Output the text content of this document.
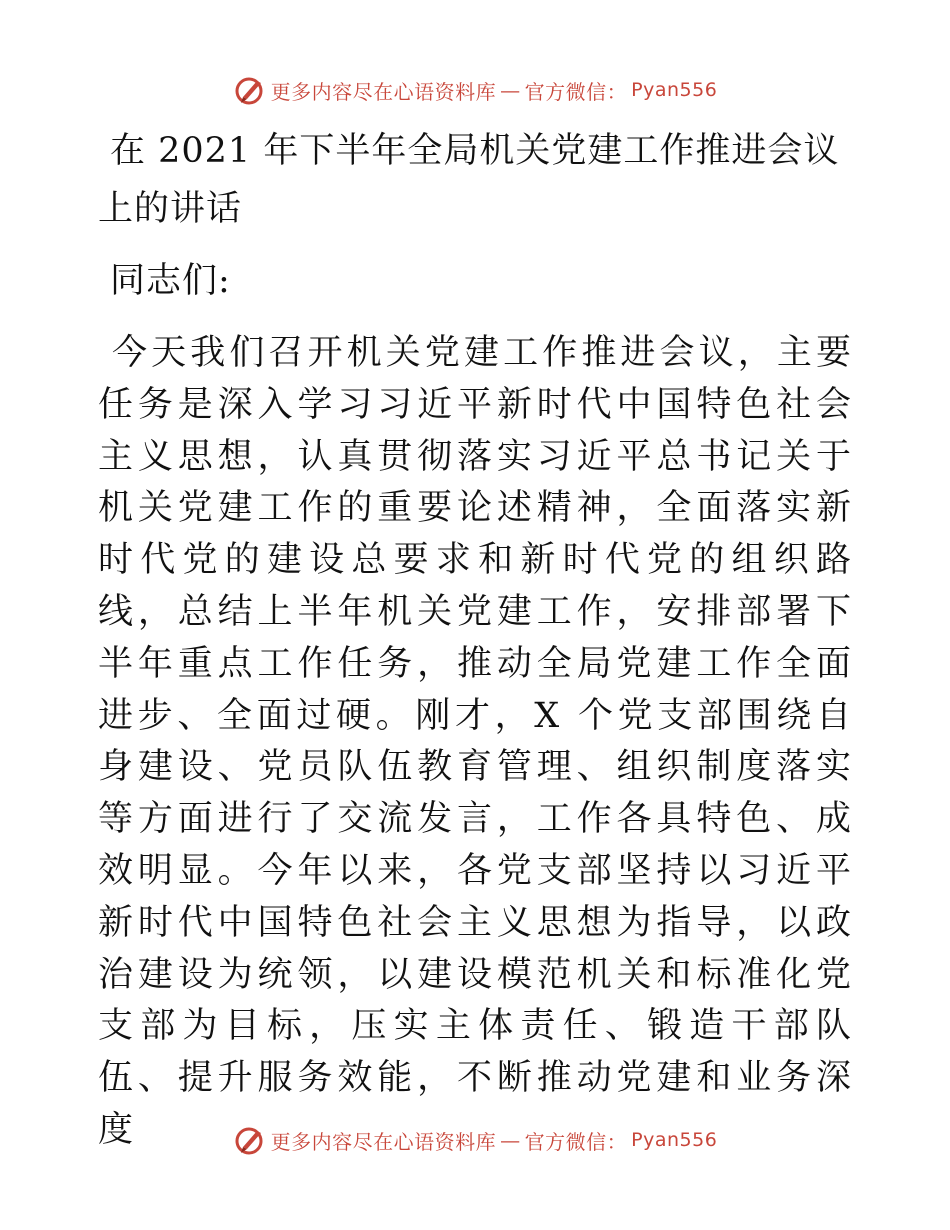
更多内容尽在心语资料库 — 官方微信： Pyan556
在 2021 年下半年全局机关党建工作推进会议上的讲话

同志们:

今天我们召开机关党建工作推进会议，主要任务是深入学习习近平新时代中国特色社会主义思想，认真贯彻落实习近平总书记关于机关党建工作的重要论述精神，全面落实新时代党的建设总要求和新时代党的组织路线，总结上半年机关党建工作，安排部署下半年重点工作任务，推动全局党建工作全面进步、全面过硬。刚才，X 个党支部围绕自身建设、党员队伍教育管理、组织制度落实等方面进行了交流发言，工作各具特色、成效明显。今年以来，各党支部坚持以习近平新时代中国特色社会主义思想为指导，以政治建设为统领，以建设模范机关和标准化党支部为目标，压实主体责任、锻造干部队伍、提升服务效能，不断推动党建和业务深度	更多内容尽在心语资料库 — 官方微信： Pyan556
